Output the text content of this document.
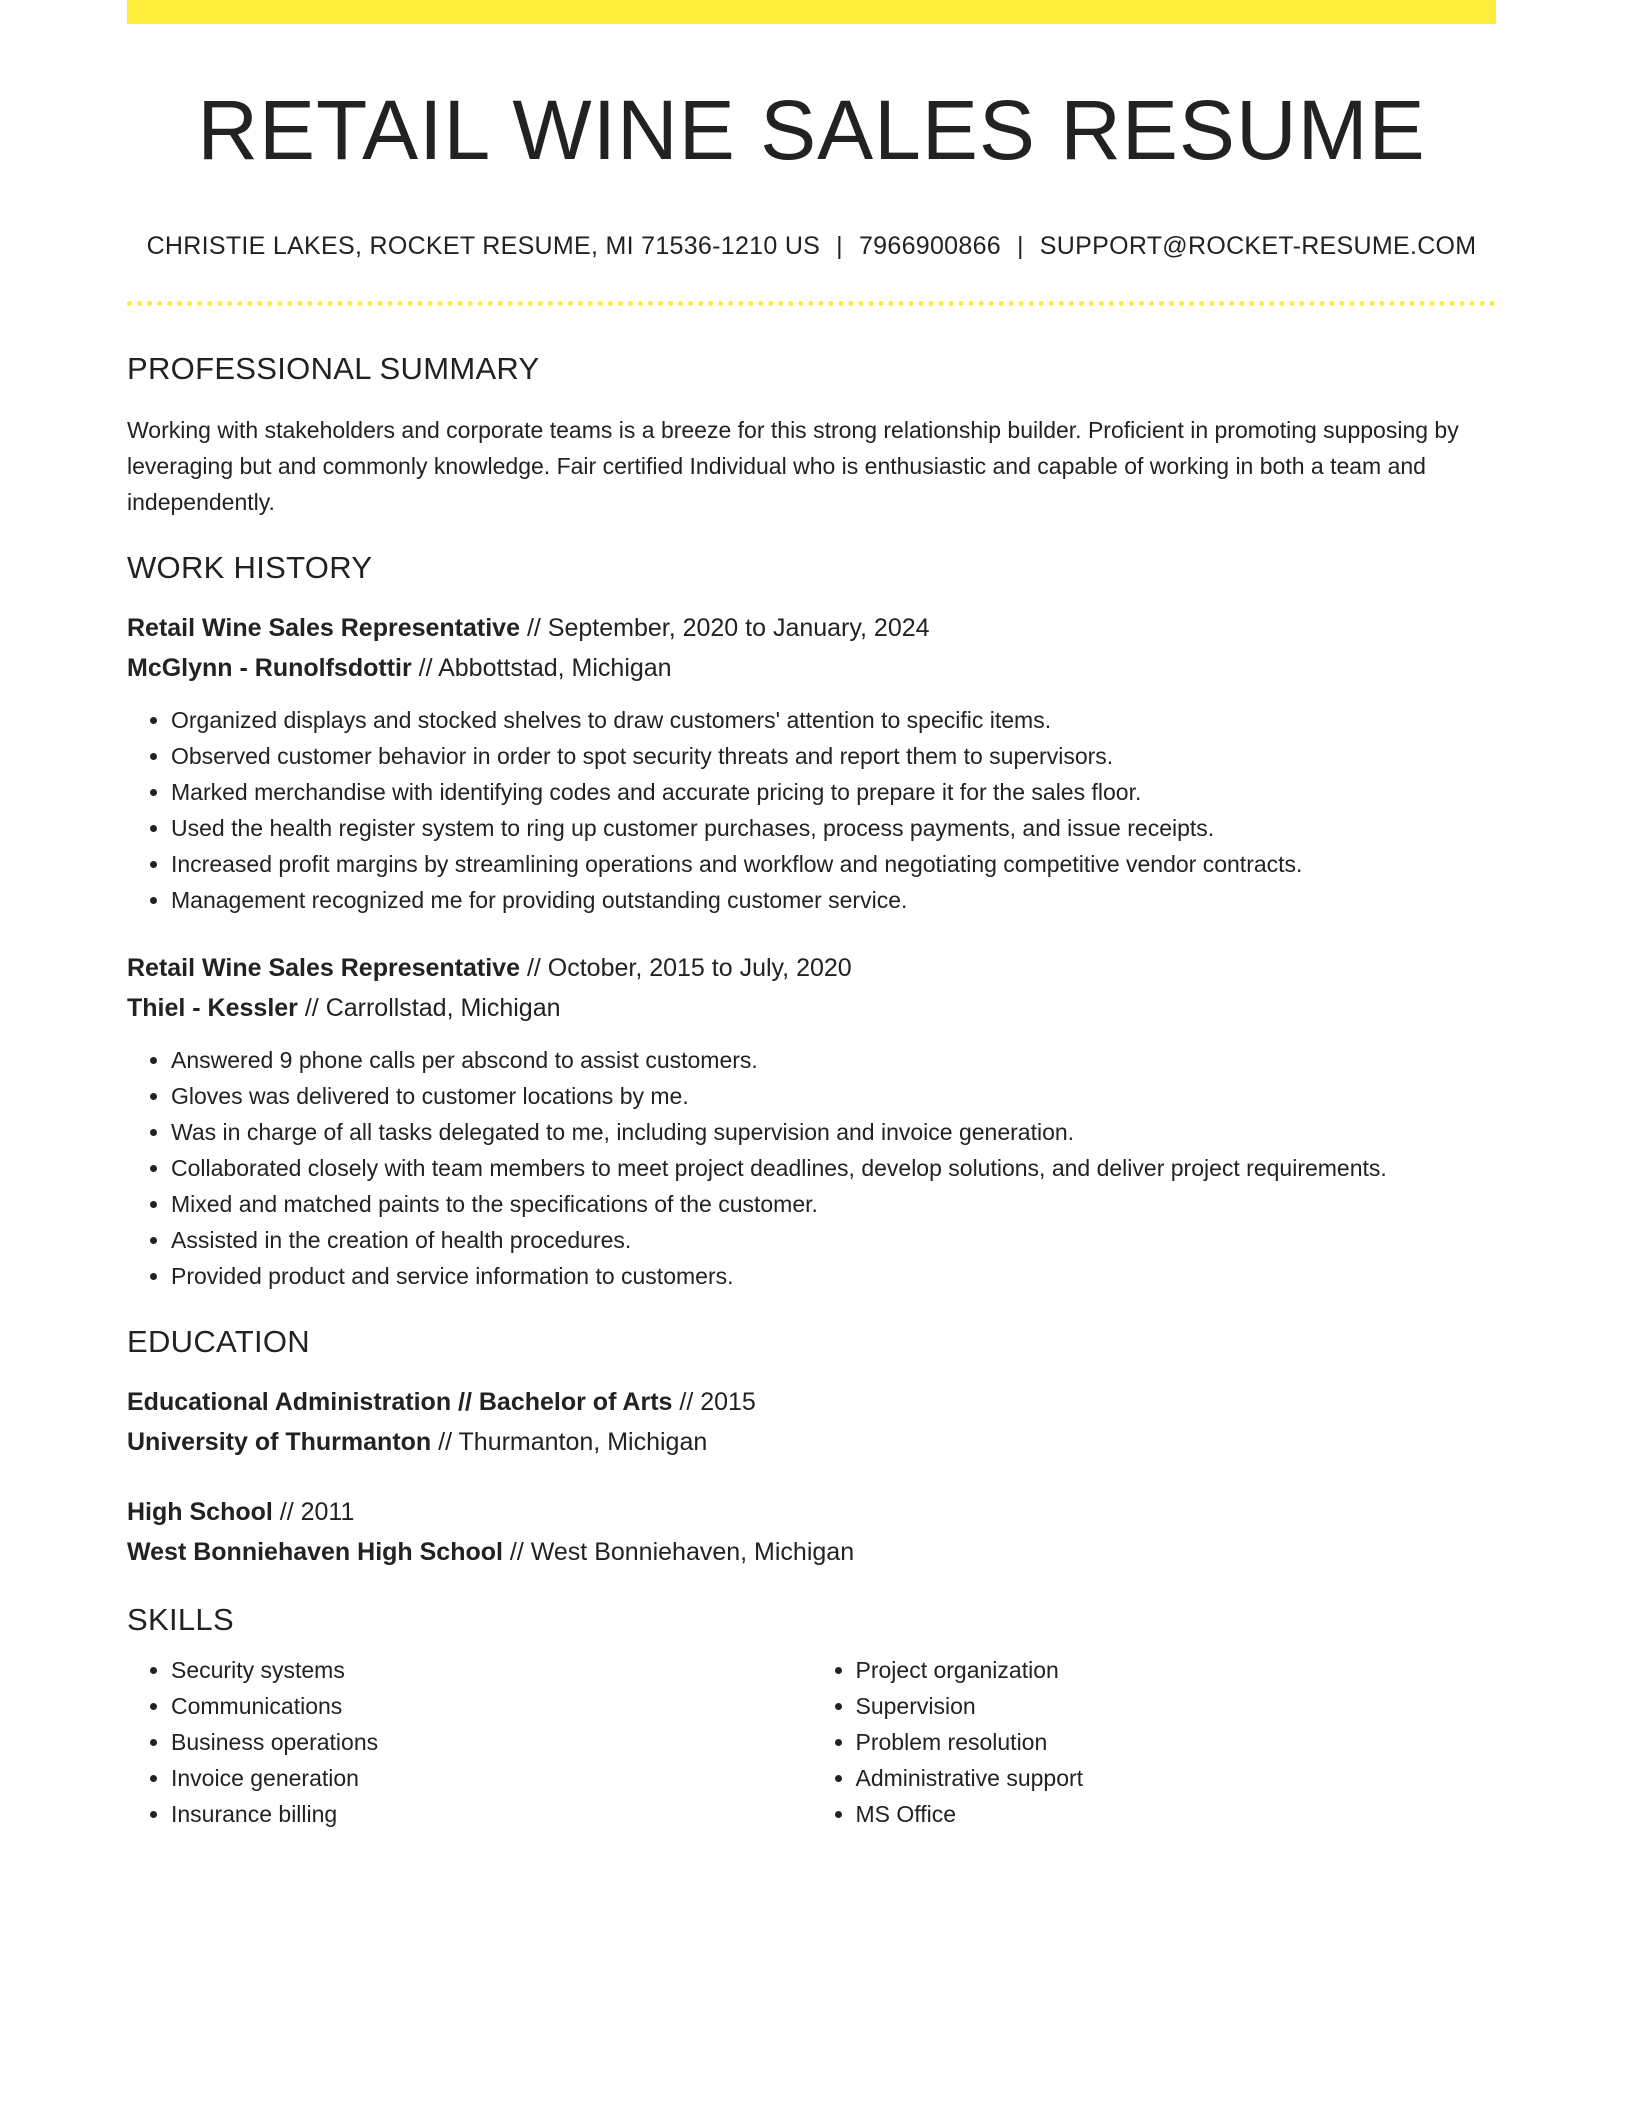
RETAIL WINE SALES RESUME
CHRISTIE LAKES, ROCKET RESUME, MI 71536-1210 US | 7966900866 | SUPPORT@ROCKET-RESUME.COM
PROFESSIONAL SUMMARY

Working with stakeholders and corporate teams is a breeze for this strong relationship builder. Proficient in promoting supposing by leveraging but and commonly knowledge. Fair certified Individual who is enthusiastic and capable of working in both a team and independently.

WORK HISTORY
Retail Wine Sales Representative // September, 2020 to January, 2024
McGlynn - Runolfsdottir // Abbottstad, Michigan
• Organized displays and stocked shelves to draw customers' attention to specific items.
• Observed customer behavior in order to spot security threats and report them to supervisors.
• Marked merchandise with identifying codes and accurate pricing to prepare it for the sales floor.
• Used the health register system to ring up customer purchases, process payments, and issue receipts.
• Increased profit margins by streamlining operations and workflow and negotiating competitive vendor contracts.
• Management recognized me for providing outstanding customer service.
Retail Wine Sales Representative // October, 2015 to July, 2020
Thiel - Kessler // Carrollstad, Michigan
• Answered 9 phone calls per abscond to assist customers.
• Gloves was delivered to customer locations by me.
• Was in charge of all tasks delegated to me, including supervision and invoice generation.
• Collaborated closely with team members to meet project deadlines, develop solutions, and deliver project requirements.
• Mixed and matched paints to the specifications of the customer.
• Assisted in the creation of health procedures.
• Provided product and service information to customers.
EDUCATION
Educational Administration // Bachelor of Arts // 2015
University of Thurmanton // Thurmanton, Michigan
High School // 2011
West Bonniehaven High School // West Bonniehaven, Michigan
SKILLS
• Security systems
• Communications
• Business operations
• Invoice generation
• Insurance billing
• Project organization
• Supervision
• Problem resolution
• Administrative support
• MS Office
